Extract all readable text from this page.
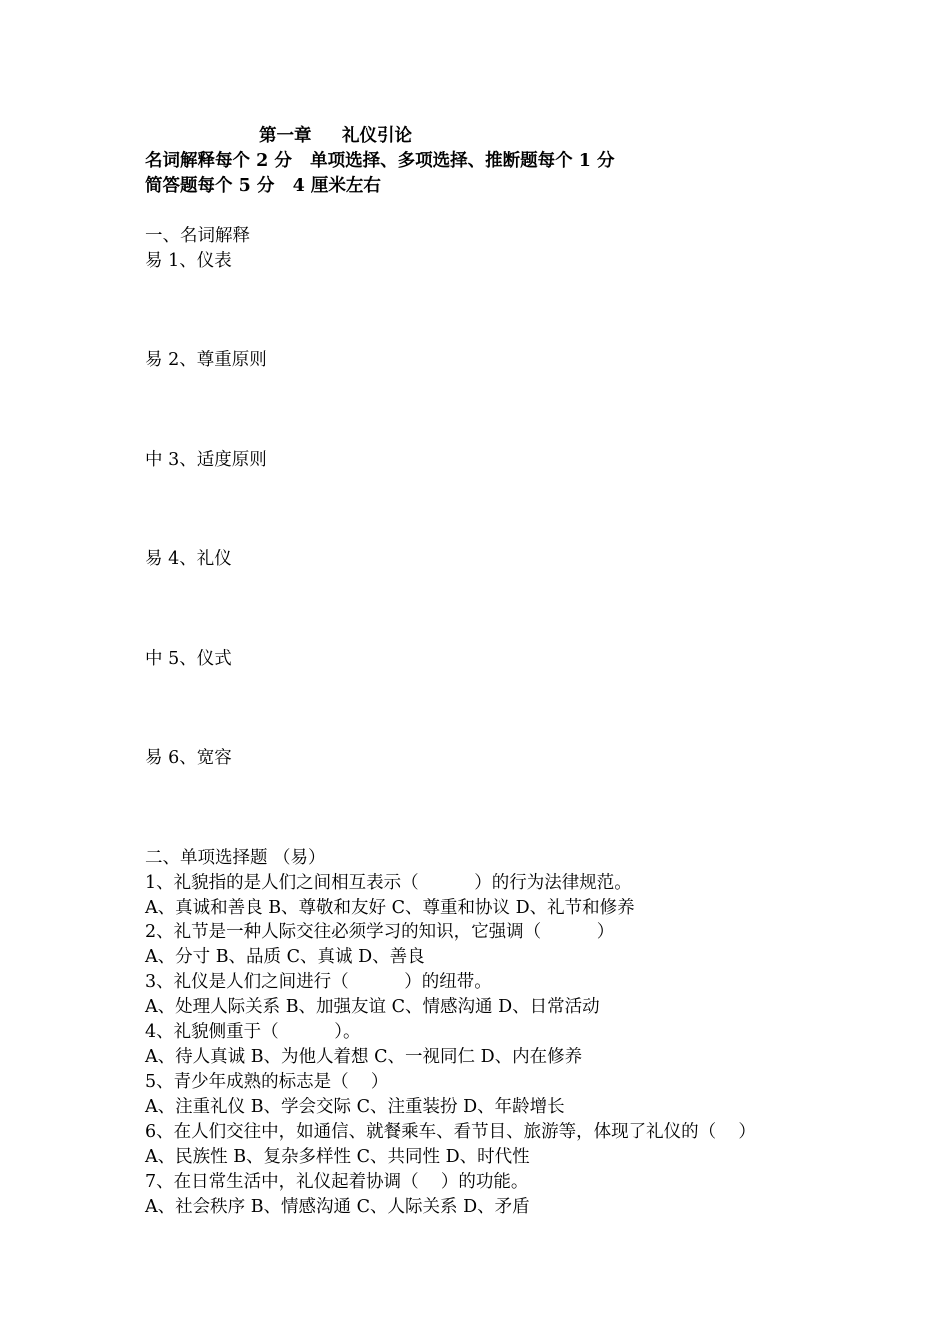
第一章     礼仪引论
名词解释每个 2 分   单项选择、多项选择、推断题每个 1 分
简答题每个 5 分   4 厘米左右
一、名词解释
易 1、仪表
易 2、尊重原则
中 3、适度原则
易 4、礼仪
中 5、仪式
易 6、宽容
二、单项选择题 （易）
1、礼貌指的是人们之间相互表示（          ）的行为法律规范。
A、真诚和善良 B、尊敬和友好 C、尊重和协议 D、礼节和修养
2、礼节是一种人际交往必须学习的知识，它强调（          ）
A、分寸 B、品质 C、真诚 D、善良
3、礼仪是人们之间进行（          ）的纽带。
A、处理人际关系 B、加强友谊 C、情感沟通 D、日常活动
4、礼貌侧重于（          ）。
A、待人真诚 B、为他人着想 C、一视同仁 D、内在修养
5、青少年成熟的标志是（    ）
A、注重礼仪 B、学会交际 C、注重装扮 D、年龄增长
6、在人们交往中，如通信、就餐乘车、看节目、旅游等，体现了礼仪的（    ）
A、民族性 B、复杂多样性 C、共同性 D、时代性
7、在日常生活中，礼仪起着协调（    ）的功能。
A、社会秩序 B、情感沟通 C、人际关系 D、矛盾
